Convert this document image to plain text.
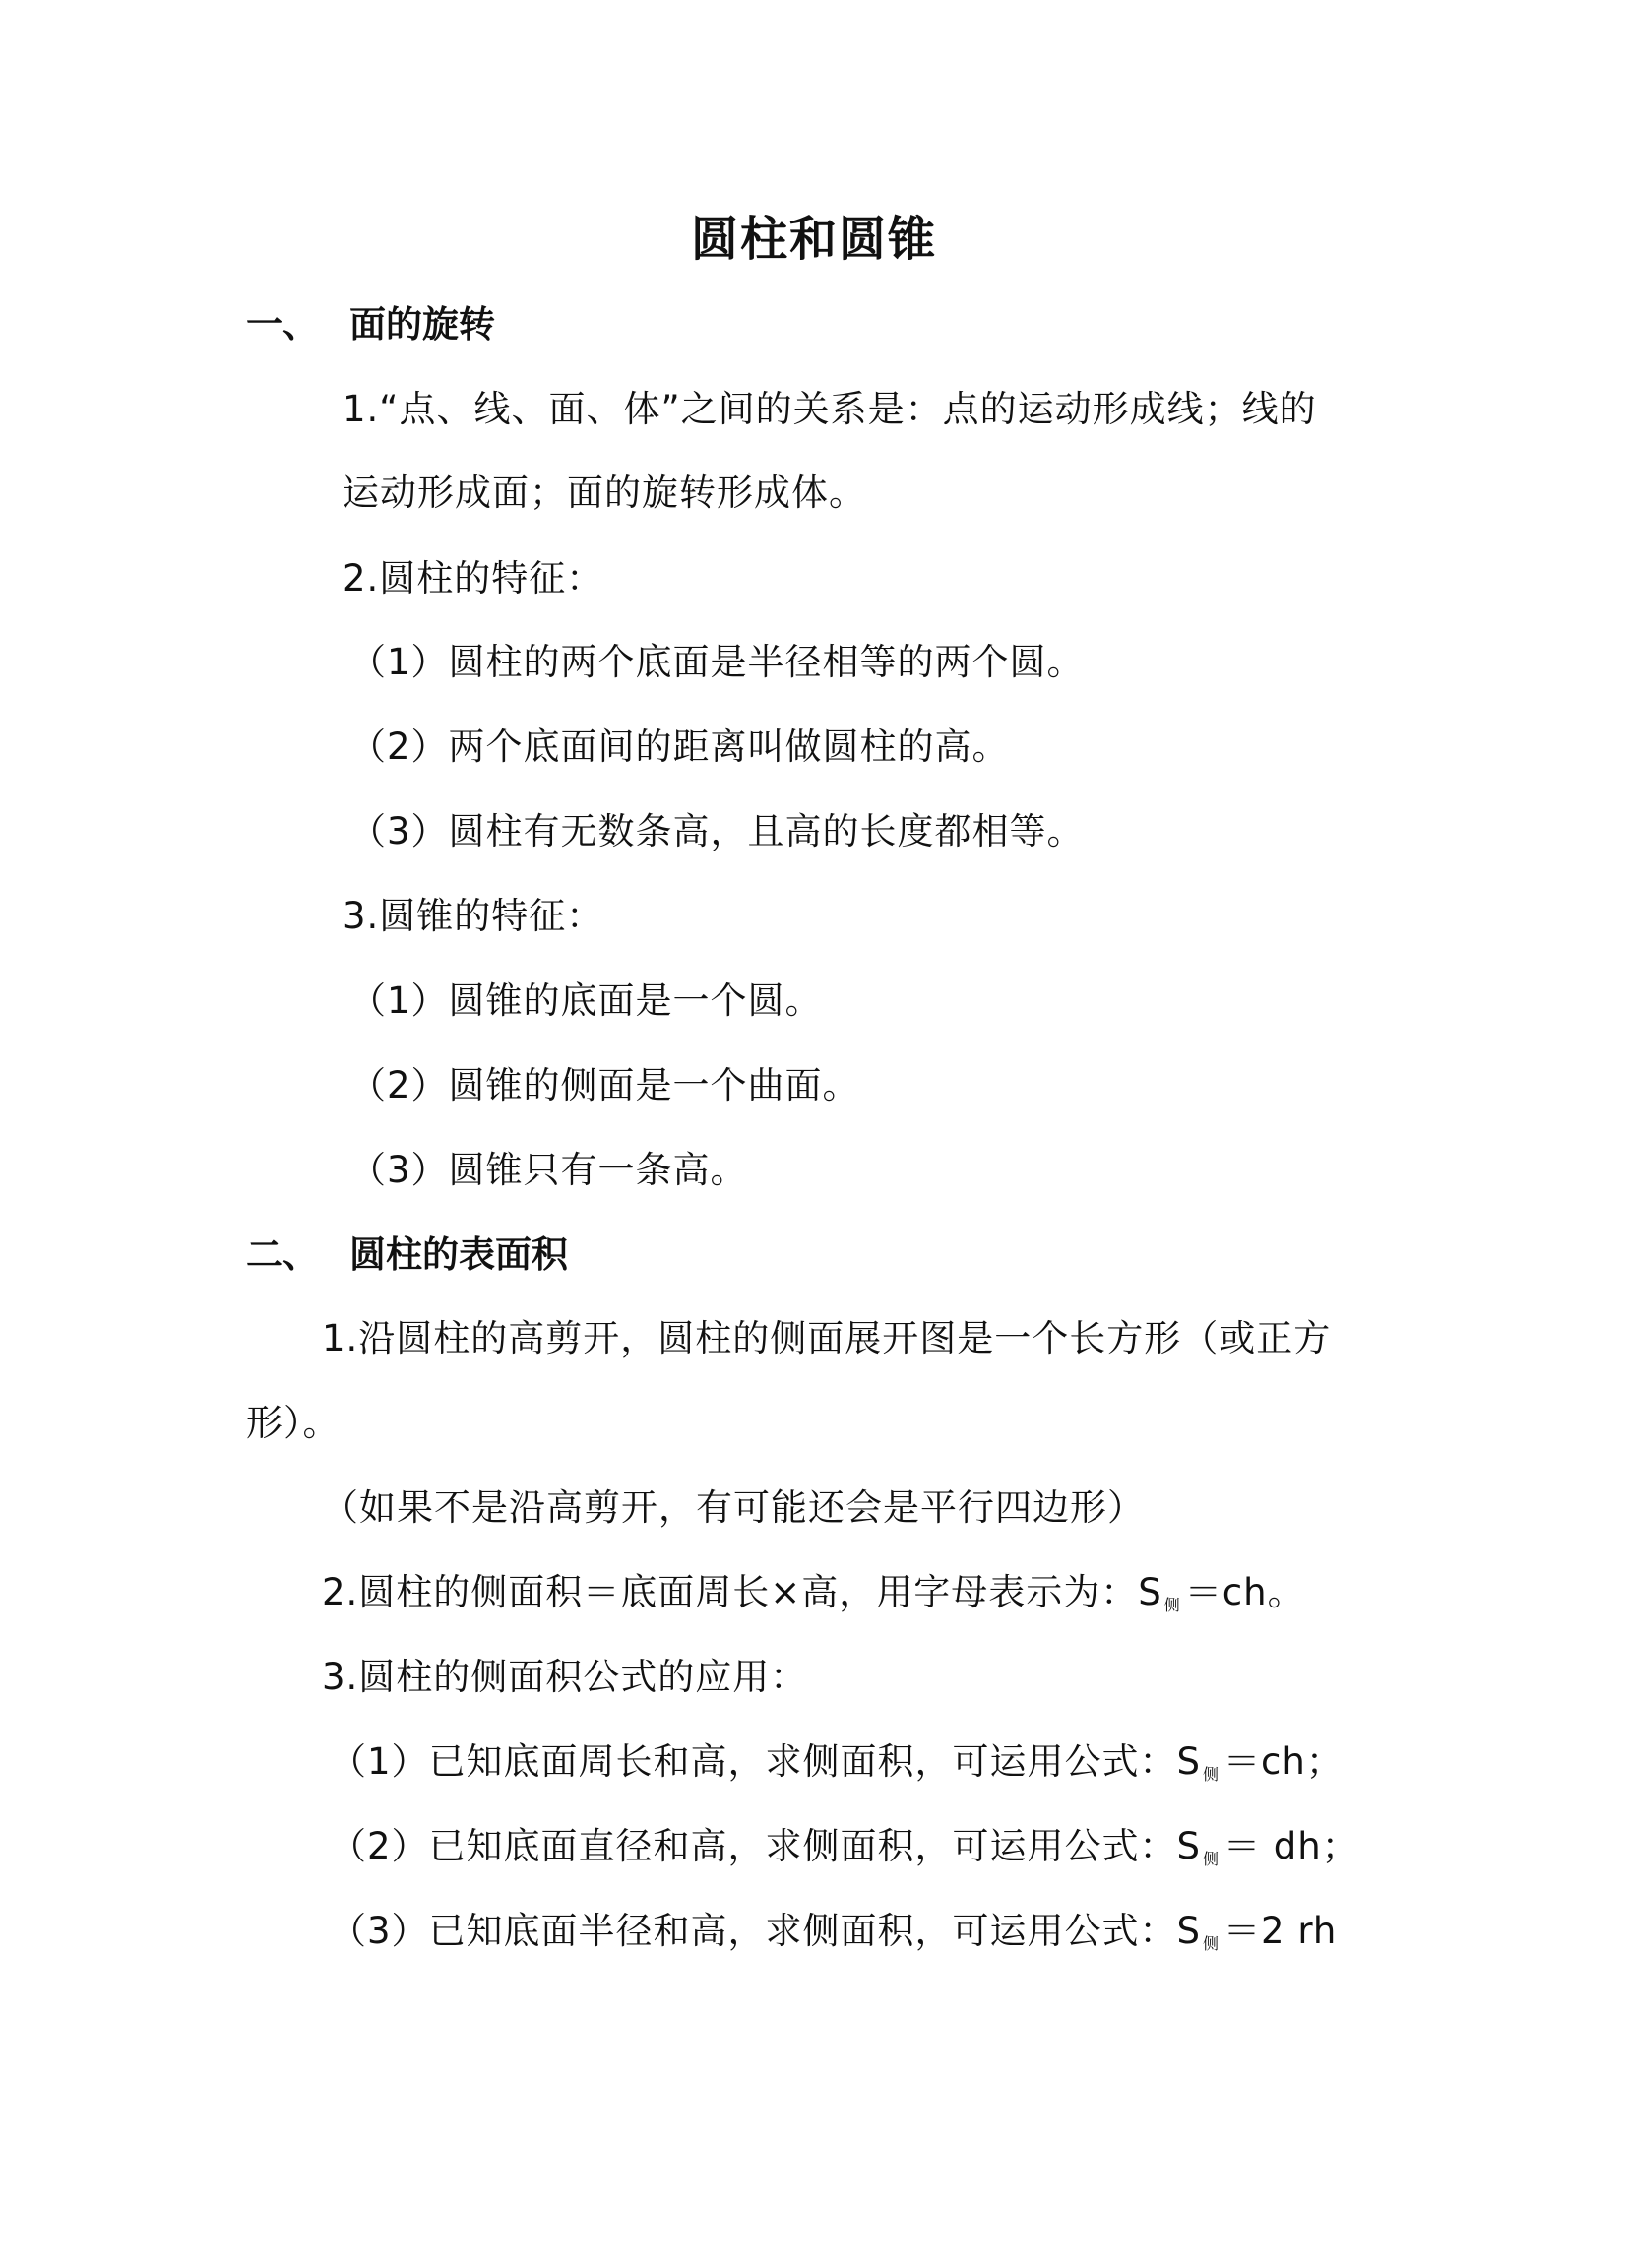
圆柱和圆锥
一、 面的旋转
1.“点、线、面、体”之间的关系是：点的运动形成线；线的
运动形成面；面的旋转形成体。
2.圆柱的特征：
（1）圆柱的两个底面是半径相等的两个圆。
（2）两个底面间的距离叫做圆柱的高。
（3）圆柱有无数条高，且高的长度都相等。
3.圆锥的特征：
（1）圆锥的底面是一个圆。
（2）圆锥的侧面是一个曲面。
（3）圆锥只有一条高。
二、 圆柱的表面积
1.沿圆柱的高剪开，圆柱的侧面展开图是一个长方形（或正方
形）。
（如果不是沿高剪开，有可能还会是平行四边形）
2.圆柱的侧面积＝底面周长×高，用字母表示为：S $_侧$ ＝ch。
3.圆柱的侧面积公式的应用：
（1）已知底面周长和高，求侧面积，可运用公式：S $_侧$ ＝ch；
（2）已知底面直径和高，求侧面积，可运用公式：S $_侧$ ＝ dh；
（3）已知底面半径和高，求侧面积，可运用公式：S $_侧$ ＝2 rh
